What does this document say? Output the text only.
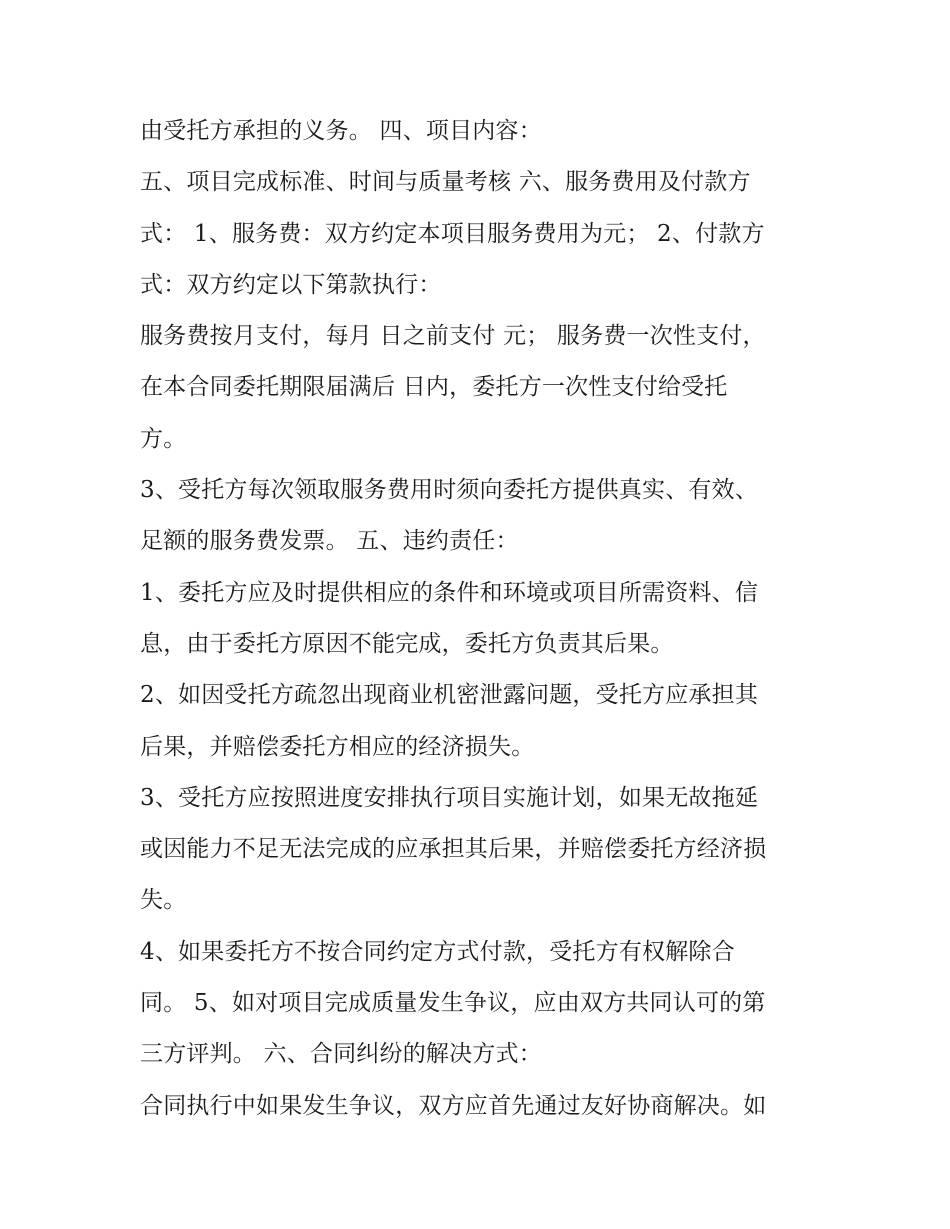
由受托方承担的义务。 四、项目内容：
五、项目完成标准、时间与质量考核 六、服务费用及付款方
式： 1、服务费：双方约定本项目服务费用为元； 2、付款方
式：双方约定以下第款执行：
服务费按月支付，每月 日之前支付 元； 服务费一次性支付，
在本合同委托期限届满后 日内，委托方一次性支付给受托
方。
3、受托方每次领取服务费用时须向委托方提供真实、有效、
足额的服务费发票。 五、违约责任：
1、委托方应及时提供相应的条件和环境或项目所需资料、信
息，由于委托方原因不能完成，委托方负责其后果。
2、如因受托方疏忽出现商业机密泄露问题，受托方应承担其
后果，并赔偿委托方相应的经济损失。
3、受托方应按照进度安排执行项目实施计划，如果无故拖延
或因能力不足无法完成的应承担其后果，并赔偿委托方经济损
失。
4、如果委托方不按合同约定方式付款，受托方有权解除合
同。 5、如对项目完成质量发生争议，应由双方共同认可的第
三方评判。 六、合同纠纷的解决方式：
合同执行中如果发生争议，双方应首先通过友好协商解决。如
